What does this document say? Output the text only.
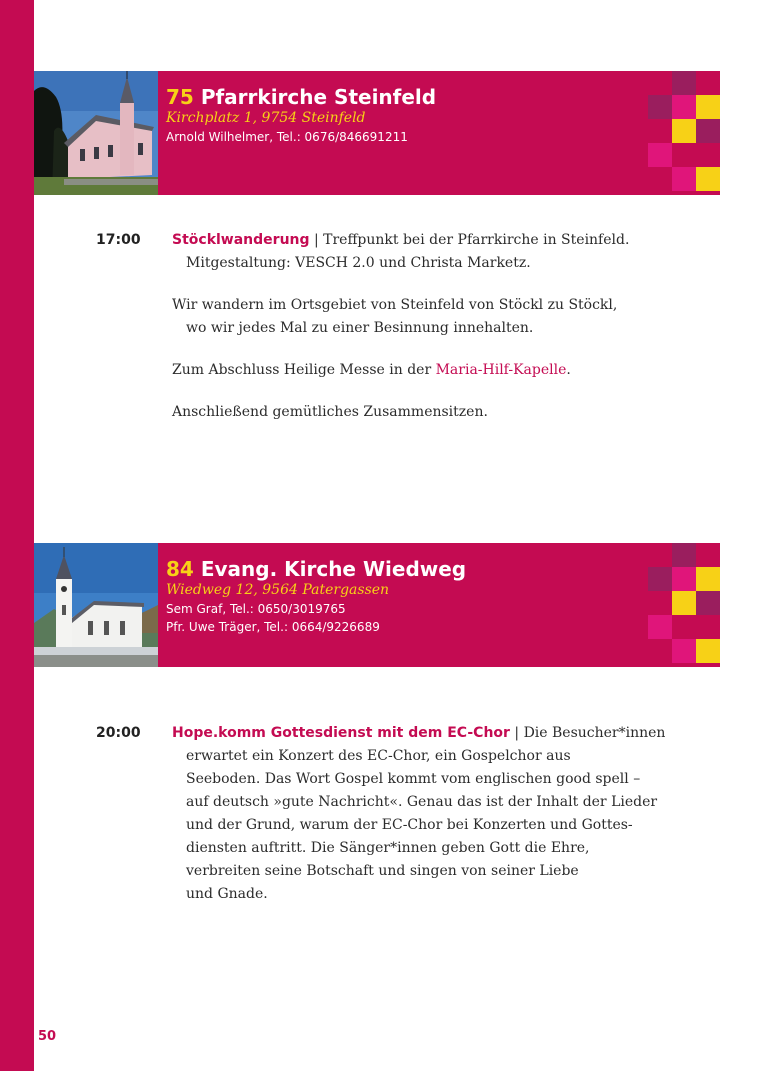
75 Pfarrkirche Steinfeld
Kirchplatz 1, 9754 Steinfeld
Arnold Wilhelmer, Tel.: 0676/846691211
17:00 Stöcklwanderung | Treffpunkt bei der Pfarrkirche in Steinfeld.
Mitgestaltung: VESCH 2.0 und Christa Marketz.
Wir wandern im Ortsgebiet von Steinfeld von Stöckl zu Stöckl,
wo wir jedes Mal zu einer Besinnung innehalten.
Zum Abschluss Heilige Messe in der Maria-Hilf-Kapelle.
Anschließend gemütliches Zusammensitzen.
84 Evang. Kirche Wiedweg
Wiedweg 12, 9564 Patergassen
Sem Graf, Tel.: 0650/3019765
Pfr. Uwe Träger, Tel.: 0664/9226689
20:00 Hope.komm Gottesdienst mit dem EC-Chor | Die Besucher*innen
erwartet ein Konzert des EC-Chor, ein Gospelchor aus
Seeboden. Das Wort Gospel kommt vom englischen good spell –
auf deutsch »gute Nachricht«. Genau das ist der Inhalt der Lieder
und der Grund, warum der EC-Chor bei Konzerten und Gottes-
diensten auftritt. Die Sänger*innen geben Gott die Ehre,
verbreiten seine Botschaft und singen von seiner Liebe
und Gnade.
50
